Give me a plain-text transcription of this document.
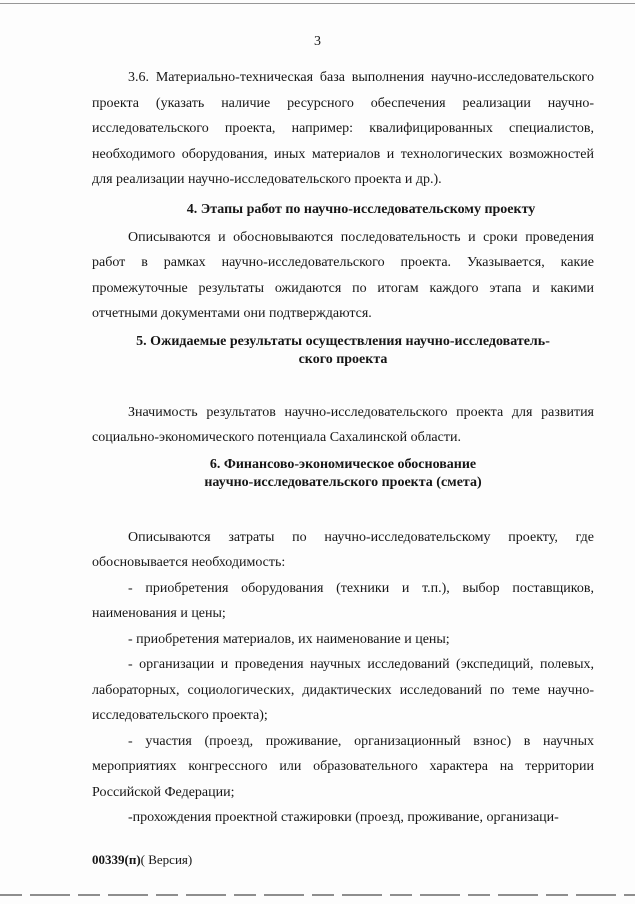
3

3.6. Материально-техническая база выполнения научно-исследовательского проекта (указать наличие ресурсного обеспечения реализации научно-исследовательского проекта, например: квалифицированных специалистов, необходимого оборудования, иных материалов и технологических возможностей для реализации научно-исследовательского проекта и др.).

4. Этапы работ по научно-исследовательскому проекту

Описываются и обосновываются последовательность и сроки проведения работ в рамках научно-исследовательского проекта. Указывается, какие промежуточные результаты ожидаются по итогам каждого этапа и какими отчетными документами они подтверждаются.

5. Ожидаемые результаты осуществления научно-исследователь-
ского проекта

Значимость результатов научно-исследовательского проекта для развития социально-экономического потенциала Сахалинской области.

6. Финансово-экономическое обоснование
научно-исследовательского проекта (смета)

Описываются затраты по научно-исследовательскому проекту, где обосновывается необходимость:

- приобретения оборудования (техники и т.п.), выбор поставщиков, наименования и цены;

- приобретения материалов, их наименование и цены;

- организации и проведения научных исследований (экспедиций, полевых, лабораторных, социологических, дидактических исследований по теме научно-исследовательского проекта);

- участия (проезд, проживание, организационный взнос) в научных мероприятиях конгрессного или образовательного характера на территории Российской Федерации;

-прохождения проектной стажировки (проезд, проживание, организаци-

00339(п)( Версия)
